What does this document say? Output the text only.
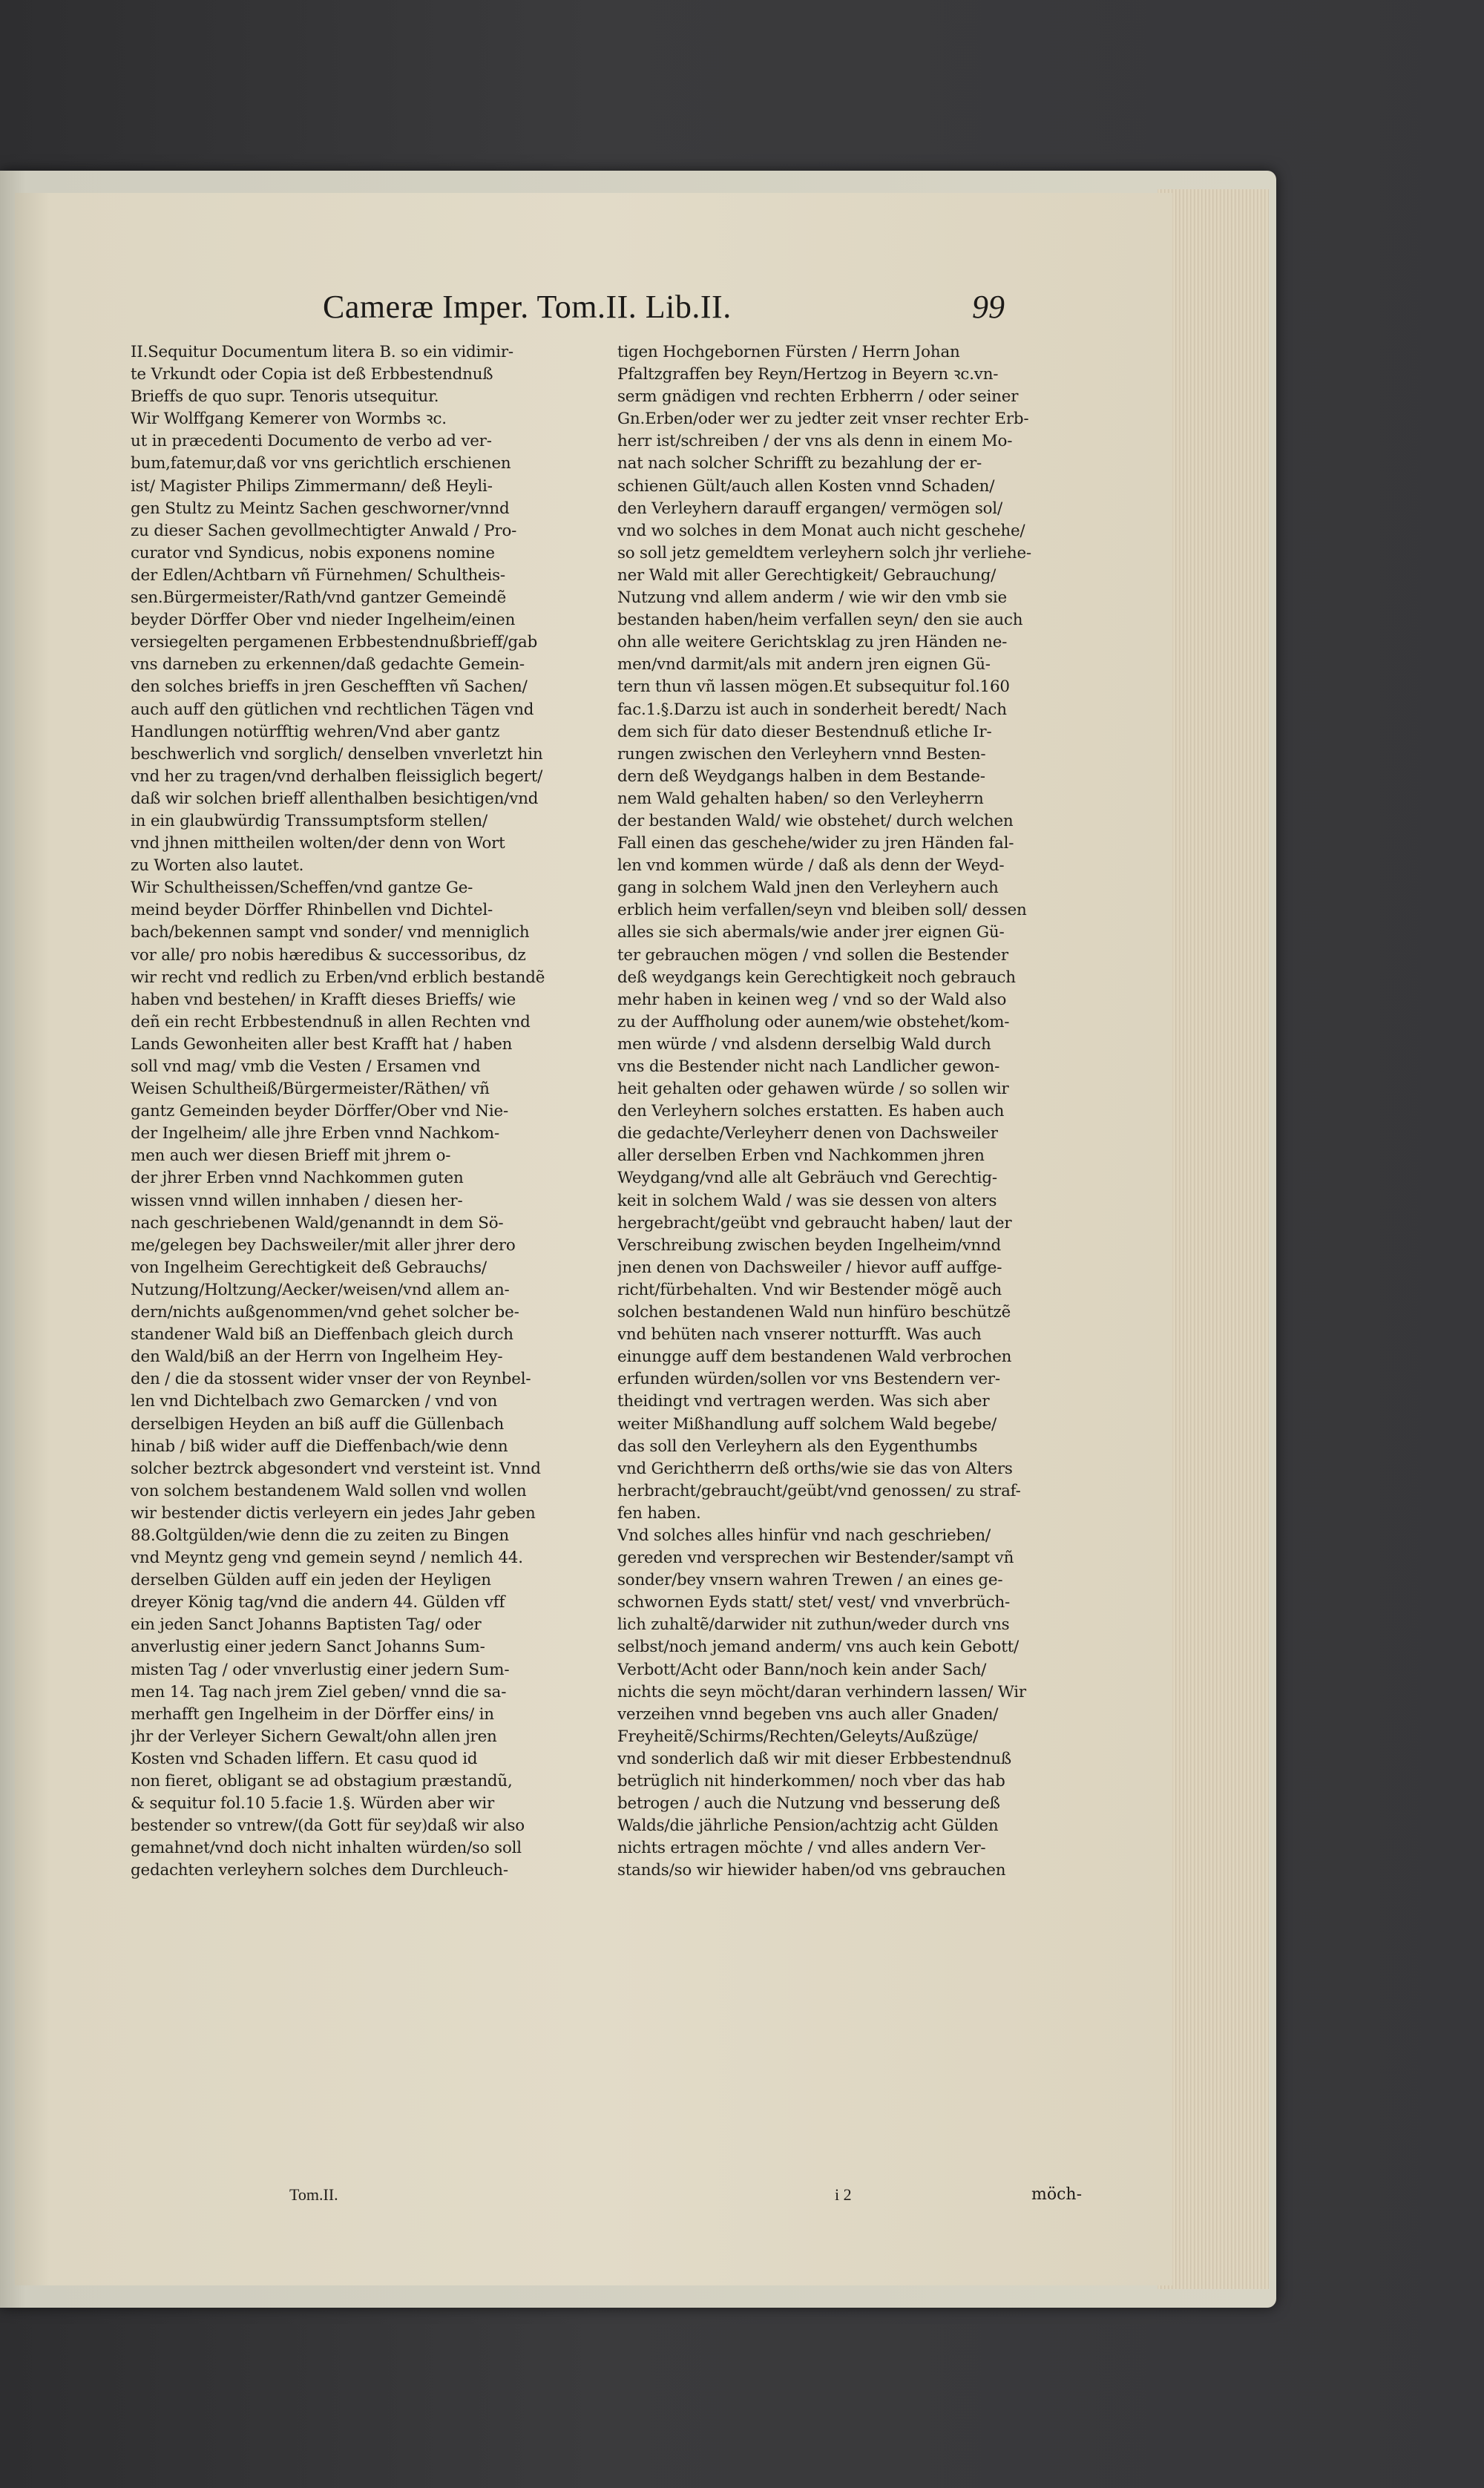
Cameræ Imper. Tom.II. Lib.II.	99
II.Sequitur Documentum litera B. so ein vidimir-
te Vrkundt oder Copia ist deß Erbbestendnuß
Brieffs de quo supr. Tenoris utsequitur.
Wir Wolffgang Kemerer von Wormbs ꝛc.
ut in præcedenti Documento de verbo ad ver-
bum,fatemur,daß vor vns gerichtlich erschienen
ist/ Magister Philips Zimmermann/ deß Heyli-
gen Stultz zu Meintz Sachen geschworner/vnnd
zu dieser Sachen gevollmechtigter Anwald / Pro-
curator vnd Syndicus, nobis exponens nomine
der Edlen/Achtbarn vñ Fürnehmen/ Schultheis-
sen.Bürgermeister/Rath/vnd gantzer Gemeindẽ
beyder Dörffer Ober vnd nieder Ingelheim/einen
versiegelten pergamenen Erbbestendnußbrieff/gab
vns darneben zu erkennen/daß gedachte Gemein-
den solches brieffs in jren Geschefften vñ Sachen/
auch auff den gütlichen vnd rechtlichen Tägen vnd
Handlungen notürfftig wehren/Vnd aber gantz
beschwerlich vnd sorglich/ denselben vnverletzt hin
vnd her zu tragen/vnd derhalben fleissiglich begert/
daß wir solchen brieff allenthalben besichtigen/vnd
in ein glaubwürdig Transsumptsform stellen/
vnd jhnen mittheilen wolten/der denn von Wort
zu Worten also lautet.
Wir Schultheissen/Scheffen/vnd gantze Ge-
meind beyder Dörffer Rhinbellen vnd Dichtel-
bach/bekennen sampt vnd sonder/ vnd menniglich
vor alle/ pro nobis hæredibus & successoribus, dz
wir recht vnd redlich zu Erben/vnd erblich bestandẽ
haben vnd bestehen/ in Krafft dieses Brieffs/ wie
deñ ein recht Erbbestendnuß in allen Rechten vnd
Lands Gewonheiten aller best Krafft hat / haben
soll vnd mag/ vmb die Vesten / Ersamen vnd
Weisen Schultheiß/Bürgermeister/Räthen/ vñ
gantz Gemeinden beyder Dörffer/Ober vnd Nie-
der Ingelheim/ alle jhre Erben vnnd Nachkom-
men auch wer diesen Brieff mit jhrem o-
der jhrer Erben vnnd Nachkommen guten
wissen vnnd willen innhaben / diesen her-
nach geschriebenen Wald/genanndt in dem Sö-
me/gelegen bey Dachsweiler/mit aller jhrer dero
von Ingelheim Gerechtigkeit deß Gebrauchs/
Nutzung/Holtzung/Aecker/weisen/vnd allem an-
dern/nichts außgenommen/vnd gehet solcher be-
standener Wald biß an Dieffenbach gleich durch
den Wald/biß an der Herrn von Ingelheim Hey-
den / die da stossent wider vnser der von Reynbel-
len vnd Dichtelbach zwo Gemarcken / vnd von
derselbigen Heyden an biß auff die Güllenbach
hinab / biß wider auff die Dieffenbach/wie denn
solcher beztrck abgesondert vnd versteint ist. Vnnd
von solchem bestandenem Wald sollen vnd wollen
wir bestender dictis verleyern ein jedes Jahr geben
88.Goltgülden/wie denn die zu zeiten zu Bingen
vnd Meyntz geng vnd gemein seynd / nemlich 44.
derselben Gülden auff ein jeden der Heyligen
dreyer König tag/vnd die andern 44. Gülden vff
ein jeden Sanct Johanns Baptisten Tag/ oder
anverlustig einer jedern Sanct Johanns Sum-
misten Tag / oder vnverlustig einer jedern Sum-
men 14. Tag nach jrem Ziel geben/ vnnd die sa-
merhafft gen Ingelheim in der Dörffer eins/ in
jhr der Verleyer Sichern Gewalt/ohn allen jren
Kosten vnd Schaden liffern. Et casu quod id
non fieret, obligant se ad obstagium præstandũ,
& sequitur fol.10 5.facie 1.§. Würden aber wir
bestender so vntrew/(da Gott für sey)daß wir also
gemahnet/vnd doch nicht inhalten würden/so soll
gedachten verleyhern solches dem Durchleuch-
tigen Hochgebornen Fürsten / Herrn Johan
Pfaltzgraffen bey Reyn/Hertzog in Beyern ꝛc.vn-
serm gnädigen vnd rechten Erbherrn / oder seiner
Gn.Erben/oder wer zu jedter zeit vnser rechter Erb-
herr ist/schreiben / der vns als denn in einem Mo-
nat nach solcher Schrifft zu bezahlung der er-
schienen Gült/auch allen Kosten vnnd Schaden/
den Verleyhern darauff ergangen/ vermögen sol/
vnd wo solches in dem Monat auch nicht geschehe/
so soll jetz gemeldtem verleyhern solch jhr verliehe-
ner Wald mit aller Gerechtigkeit/ Gebrauchung/
Nutzung vnd allem anderm / wie wir den vmb sie
bestanden haben/heim verfallen seyn/ den sie auch
ohn alle weitere Gerichtsklag zu jren Händen ne-
men/vnd darmit/als mit andern jren eignen Gü-
tern thun vñ lassen mögen.Et subsequitur fol.160
fac.1.§.Darzu ist auch in sonderheit beredt/ Nach
dem sich für dato dieser Bestendnuß etliche Ir-
rungen zwischen den Verleyhern vnnd Besten-
dern deß Weydgangs halben in dem Bestande-
nem Wald gehalten haben/ so den Verleyherrn
der bestanden Wald/ wie obstehet/ durch welchen
Fall einen das geschehe/wider zu jren Händen fal-
len vnd kommen würde / daß als denn der Weyd-
gang in solchem Wald jnen den Verleyhern auch
erblich heim verfallen/seyn vnd bleiben soll/ dessen
alles sie sich abermals/wie ander jrer eignen Gü-
ter gebrauchen mögen / vnd sollen die Bestender
deß weydgangs kein Gerechtigkeit noch gebrauch
mehr haben in keinen weg / vnd so der Wald also
zu der Auffholung oder aunem/wie obstehet/kom-
men würde / vnd alsdenn derselbig Wald durch
vns die Bestender nicht nach Landlicher gewon-
heit gehalten oder gehawen würde / so sollen wir
den Verleyhern solches erstatten. Es haben auch
die gedachte/Verleyherr denen von Dachsweiler
aller derselben Erben vnd Nachkommen jhren
Weydgang/vnd alle alt Gebräuch vnd Gerechtig-
keit in solchem Wald / was sie dessen von alters
hergebracht/geübt vnd gebraucht haben/ laut der
Verschreibung zwischen beyden Ingelheim/vnnd
jnen denen von Dachsweiler / hievor auff auffge-
richt/fürbehalten. Vnd wir Bestender mögẽ auch
solchen bestandenen Wald nun hinfüro beschützẽ
vnd behüten nach vnserer notturfft. Was auch
einungge auff dem bestandenen Wald verbrochen
erfunden würden/sollen vor vns Bestendern ver-
theidingt vnd vertragen werden. Was sich aber
weiter Mißhandlung auff solchem Wald begebe/
das soll den Verleyhern als den Eygenthumbs
vnd Gerichtherrn deß orths/wie sie das von Alters
herbracht/gebraucht/geübt/vnd genossen/ zu straf-
fen haben.
Vnd solches alles hinfür vnd nach geschrieben/
gereden vnd versprechen wir Bestender/sampt vñ
sonder/bey vnsern wahren Trewen / an eines ge-
schwornen Eyds statt/ stet/ vest/ vnd vnverbrüch-
lich zuhaltẽ/darwider nit zuthun/weder durch vns
selbst/noch jemand anderm/ vns auch kein Gebott/
Verbott/Acht oder Bann/noch kein ander Sach/
nichts die seyn möcht/daran verhindern lassen/ Wir
verzeihen vnnd begeben vns auch aller Gnaden/
Freyheitẽ/Schirms/Rechten/Geleyts/Außzüge/
vnd sonderlich daß wir mit dieser Erbbestendnuß
betrüglich nit hinderkommen/ noch vber das hab
betrogen / auch die Nutzung vnd besserung deß
Walds/die jährliche Pension/achtzig acht Gülden
nichts ertragen möchte / vnd alles andern Ver-
stands/so wir hiewider haben/od vns gebrauchen
Tom.II.	i 2	möch-
